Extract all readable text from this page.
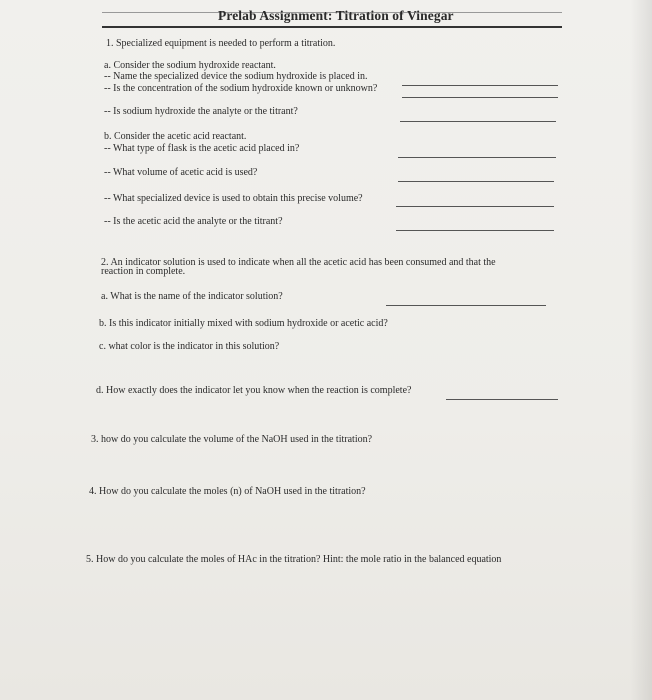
Prelab Assignment: Titration of Vinegar
1. Specialized equipment is needed to perform a titration.
a. Consider the sodium hydroxide reactant.
-- Name the specialized device the sodium hydroxide is placed in.
-- Is the concentration of the sodium hydroxide known or unknown?
-- Is sodium hydroxide the analyte or the titrant?
b. Consider the acetic acid reactant.
-- What type of flask is the acetic acid placed in?
-- What volume of acetic acid is used?
-- What specialized device is used to obtain this precise volume?
-- Is the acetic acid the analyte or the titrant?
2. An indicator solution is used to indicate when all the acetic acid has been consumed and that the
reaction in complete.
a. What is the name of the indicator solution?
b. Is this indicator initially mixed with sodium hydroxide or acetic acid?
c. what color is the indicator in this solution?
d. How exactly does the indicator let you know when the reaction is complete?
3. how do you calculate the volume of the NaOH used in the titration?
4. How do you calculate the moles (n) of NaOH used in the titration?
5. How do you calculate the moles of HAc in the titration? Hint: the mole ratio in the balanced equation
